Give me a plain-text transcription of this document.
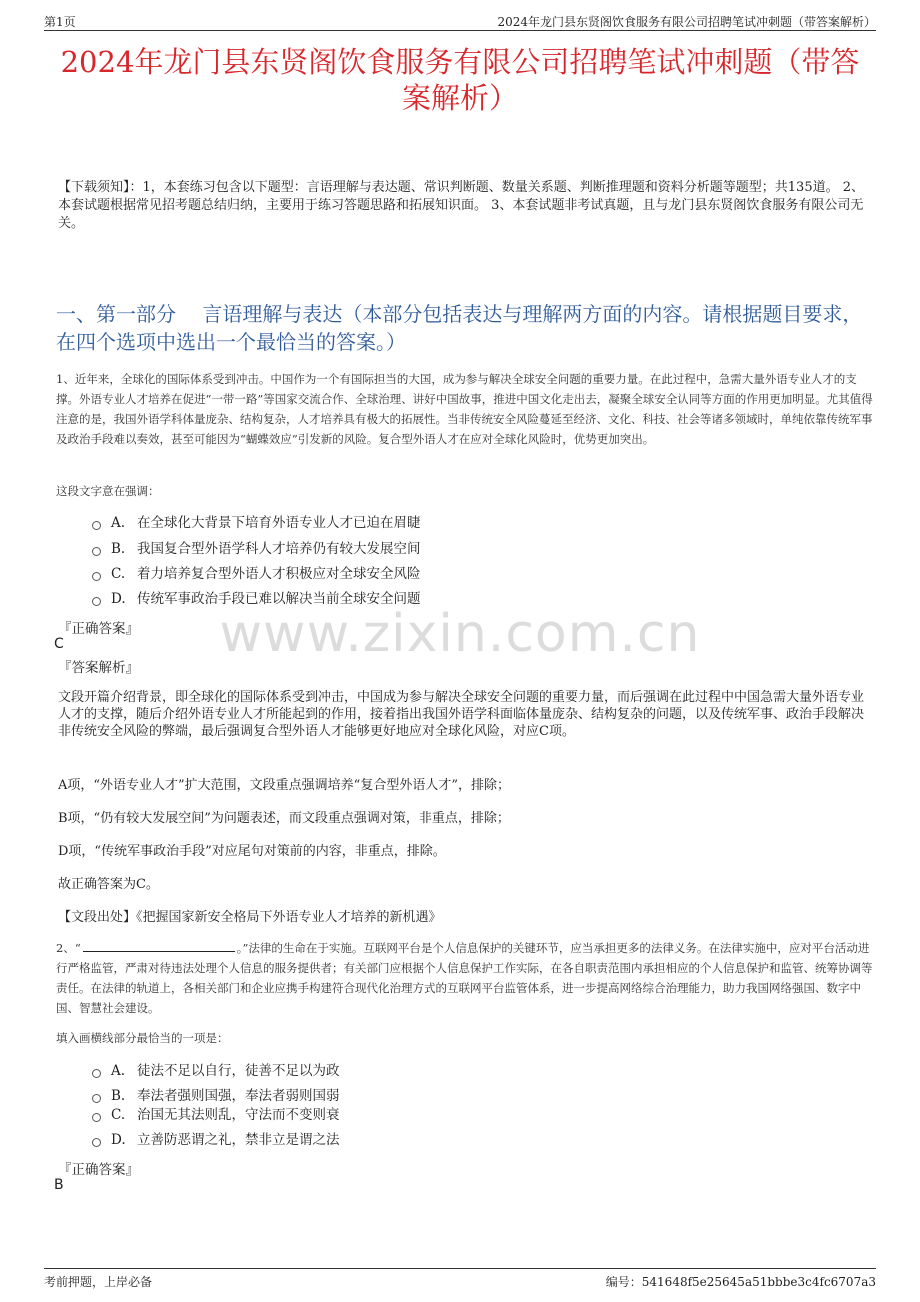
第1页	2024年龙门县东贤阁饮食服务有限公司招聘笔试冲刺题（带答案解析）
2024年龙门县东贤阁饮食服务有限公司招聘笔试冲刺题（带答
案解析）
【下载须知】：1，本套练习包含以下题型：言语理解与表达题、常识判断题、数量关系题、判断推理题和资料分析题等题型；共135道。 2、本套试题根据常见招考题总结归纳，主要用于练习答题思路和拓展知识面。 3、本套试题非考试真题，且与龙门县东贤阁饮食服务有限公司无关。
一、第一部分　 言语理解与表达（本部分包括表达与理解两方面的内容。请根据题目要求，在四个选项中选出一个最恰当的答案。）
1、近年来，全球化的国际体系受到冲击。中国作为一个有国际担当的大国，成为参与解决全球安全问题的重要力量。在此过程中，急需大量外语专业人才的支撑。外语专业人才培养在促进“一带一路”等国家交流合作、全球治理、讲好中国故事，推进中国文化走出去，凝聚全球安全认同等方面的作用更加明显。尤其值得注意的是，我国外语学科体量庞杂、结构复杂，人才培养具有极大的拓展性。当非传统安全风险蔓延至经济、文化、科技、社会等诸多领域时，单纯依靠传统军事及政治手段难以奏效，甚至可能因为“蝴蝶效应”引发新的风险。复合型外语人才在应对全球化风险时，优势更加突出。
这段文字意在强调：
A. 在全球化大背景下培育外语专业人才已迫在眉睫
B. 我国复合型外语学科人才培养仍有较大发展空间
C. 着力培养复合型外语人才积极应对全球安全风险
D. 传统军事政治手段已难以解决当前全球安全问题
www.zixin.com.cn
『正确答案』
C
『答案解析』
文段开篇介绍背景，即全球化的国际体系受到冲击，中国成为参与解决全球安全问题的重要力量，而后强调在此过程中中国急需大量外语专业人才的支撑，随后介绍外语专业人才所能起到的作用，接着指出我国外语学科面临体量庞杂、结构复杂的问题，以及传统军事、政治手段解决非传统安全风险的弊端，最后强调复合型外语人才能够更好地应对全球化风险，对应C项。
A项，“外语专业人才”扩大范围，文段重点强调培养“复合型外语人才”，排除；
B项，“仍有较大发展空间”为问题表述，而文段重点强调对策，非重点，排除；
D项，“传统军事政治手段”对应尾句对策前的内容，非重点，排除。
故正确答案为C。
【文段出处】《把握国家新安全格局下外语专业人才培养的新机遇》
2、“	。”法律的生命在于实施。互联网平台是个人信息保护的关键环节，应当承担更多的法律义务。在法律实施中，应对平台活动进行严格监管，严肃对待违法处理个人信息的服务提供者；有关部门应根据个人信息保护工作实际，在各自职责范围内承担相应的个人信息保护和监管、统筹协调等责任。在法律的轨道上，各相关部门和企业应携手构建符合现代化治理方式的互联网平台监管体系，进一步提高网络综合治理能力，助力我国网络强国、数字中国、智慧社会建设。
填入画横线部分最恰当的一项是：
A. 徒法不足以自行，徒善不足以为政
B. 奉法者强则国强，奉法者弱则国弱
C. 治国无其法则乱，守法而不变则衰
D. 立善防恶谓之礼，禁非立是谓之法
『正确答案』
B
考前押题，上岸必备	编号：541648f5e25645a51bbbe3c4fc6707a3
